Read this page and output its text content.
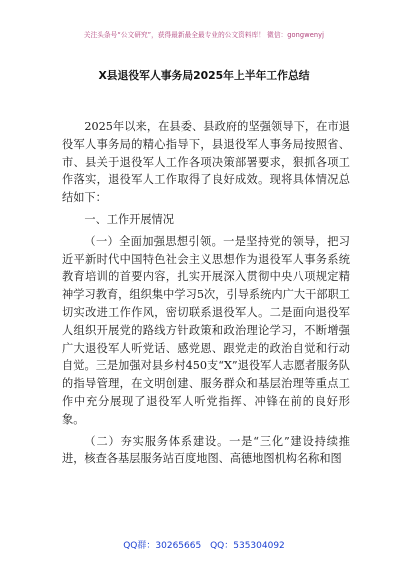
关注头条号“公文研究”，获得最新最全最专业的公文资料库！ 微信：gongwenyj
X县退役军人事务局2025年上半年工作总结

2025年以来，在县委、县政府的坚强领导下，在市退役军人事务局的精心指导下，县退役军人事务局按照省、市、县关于退役军人工作各项决策部署要求，狠抓各项工作落实，退役军人工作取得了良好成效。现将具体情况总结如下：

一、工作开展情况

（一）全面加强思想引领。一是坚持党的领导，把习近平新时代中国特色社会主义思想作为退役军人事务系统教育培训的首要内容，扎实开展深入贯彻中央八项规定精神学习教育，组织集中学习5次，引导系统内广大干部职工切实改进工作作风，密切联系退役军人。二是面向退役军人组织开展党的路线方针政策和政治理论学习，不断增强广大退役军人听党话、感党恩、跟党走的政治自觉和行动自觉。三是加强对县乡村450支“X”退役军人志愿者服务队的指导管理，在文明创建、服务群众和基层治理等重点工作中充分展现了退役军人听党指挥、冲锋在前的良好形象。

（二）夯实服务体系建设。一是“三化”建设持续推进，核查各基层服务站百度地图、高德地图机构名称和图

QQ群：30265665 QQ：535304092
